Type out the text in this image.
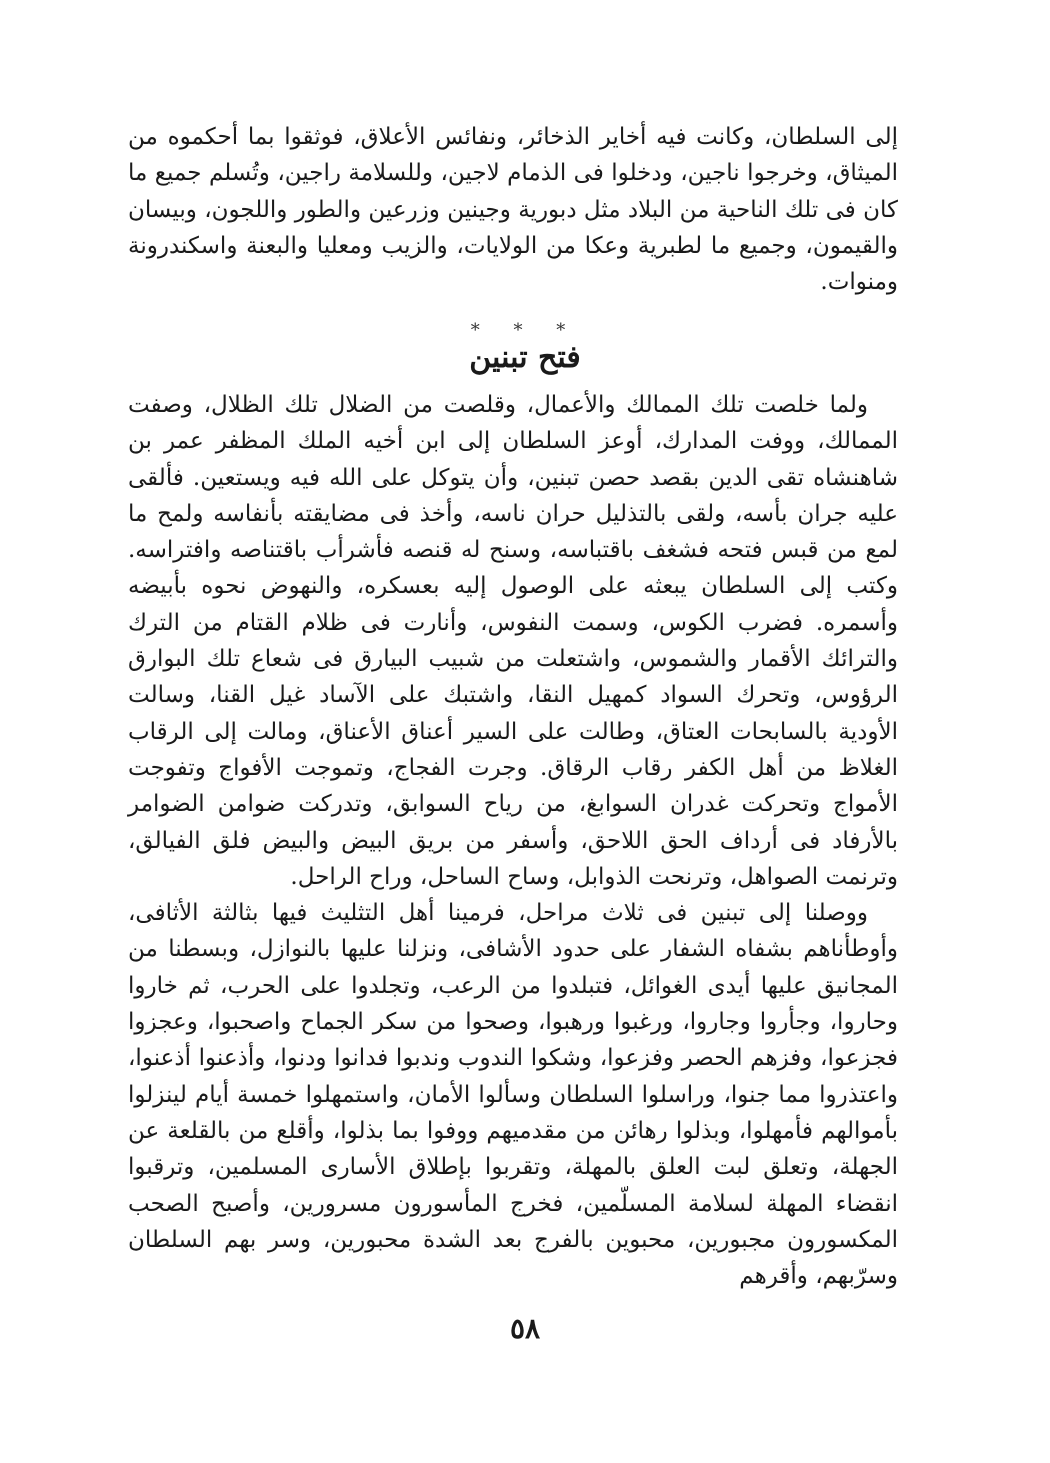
إلى السلطان، وكانت فيه أخاير الذخائر، ونفائس الأعلاق، فوثقوا بما أحكموه من الميثاق، وخرجوا ناجين، ودخلوا فى الذمام لاجين، وللسلامة راجين، وتُسلم جميع ما كان فى تلك الناحية من البلاد مثل دبورية وجينين وزرعين والطور واللجون، وبيسان والقيمون، وجميع ما لطبرية وعكا من الولايات، والزيب ومعليا والبعنة واسكندرونة ومنوات.

* * *
فتح تبنين

ولما خلصت تلك الممالك والأعمال، وقلصت من الضلال تلك الظلال، وصفت الممالك، ووفت المدارك، أوعز السلطان إلى ابن أخيه الملك المظفر عمر بن شاهنشاه تقى الدين بقصد حصن تبنين، وأن يتوكل على الله فيه ويستعين. فألقى عليه جران بأسه، ولقى بالتذليل حران ناسه، وأخذ فى مضايقته بأنفاسه ولمح ما لمع من قبس فتحه فشغف باقتباسه، وسنح له قنصه فأشرأب باقتناصه وافتراسه. وكتب إلى السلطان يبعثه على الوصول إليه بعسكره، والنهوض نحوه بأبيضه وأسمره. فضرب الكوس، وسمت النفوس، وأنارت فى ظلام القتام من الترك والترائك الأقمار والشموس، واشتعلت من شبيب البيارق فى شعاع تلك البوارق الرؤوس، وتحرك السواد كمهيل النقا، واشتبك على الآساد غيل القنا، وسالت الأودية بالسابحات العتاق، وطالت على السير أعناق الأعناق، ومالت إلى الرقاب الغلاظ من أهل الكفر رقاب الرقاق. وجرت الفجاج، وتموجت الأفواج وتفوجت الأمواج وتحركت غدران السوابغ، من رياح السوابق، وتدركت ضوامن الضوامر بالأرفاد فى أرداف الحق اللاحق، وأسفر من بريق البيض والبيض فلق الفيالق، وترنمت الصواهل، وترنحت الذوابل، وساح الساحل، وراح الراحل.

ووصلنا إلى تبنين فى ثلاث مراحل، فرمينا أهل التثليث فيها بثالثة الأثافى، وأوطأناهم بشفاه الشفار على حدود الأشافى، ونزلنا عليها بالنوازل، وبسطنا من المجانيق عليها أيدى الغوائل، فتبلدوا من الرعب، وتجلدوا على الحرب، ثم خاروا وحاروا، وجأروا وجاروا، ورغبوا ورهبوا، وصحوا من سكر الجماح واصحبوا، وعجزوا فجزعوا، وفزهم الحصر وفزعوا، وشكوا الندوب وندبوا فدانوا ودنوا، وأذعنوا أذعنوا، واعتذروا مما جنوا، وراسلوا السلطان وسألوا الأمان، واستمهلوا خمسة أيام لينزلوا بأموالهم فأمهلوا، وبذلوا رهائن من مقدميهم ووفوا بما بذلوا، وأقلع من بالقلعة عن الجهلة، وتعلق لبت العلق بالمهلة، وتقربوا بإطلاق الأسارى المسلمين، وترقبوا انقضاء المهلة لسلامة المسلّمين، فخرج المأسورون مسرورين، وأصبح الصحب المكسورون مجبورين، محبوين بالفرج بعد الشدة محبورين، وسر بهم السلطان وسرّبهم، وأقرهم

٥٨
